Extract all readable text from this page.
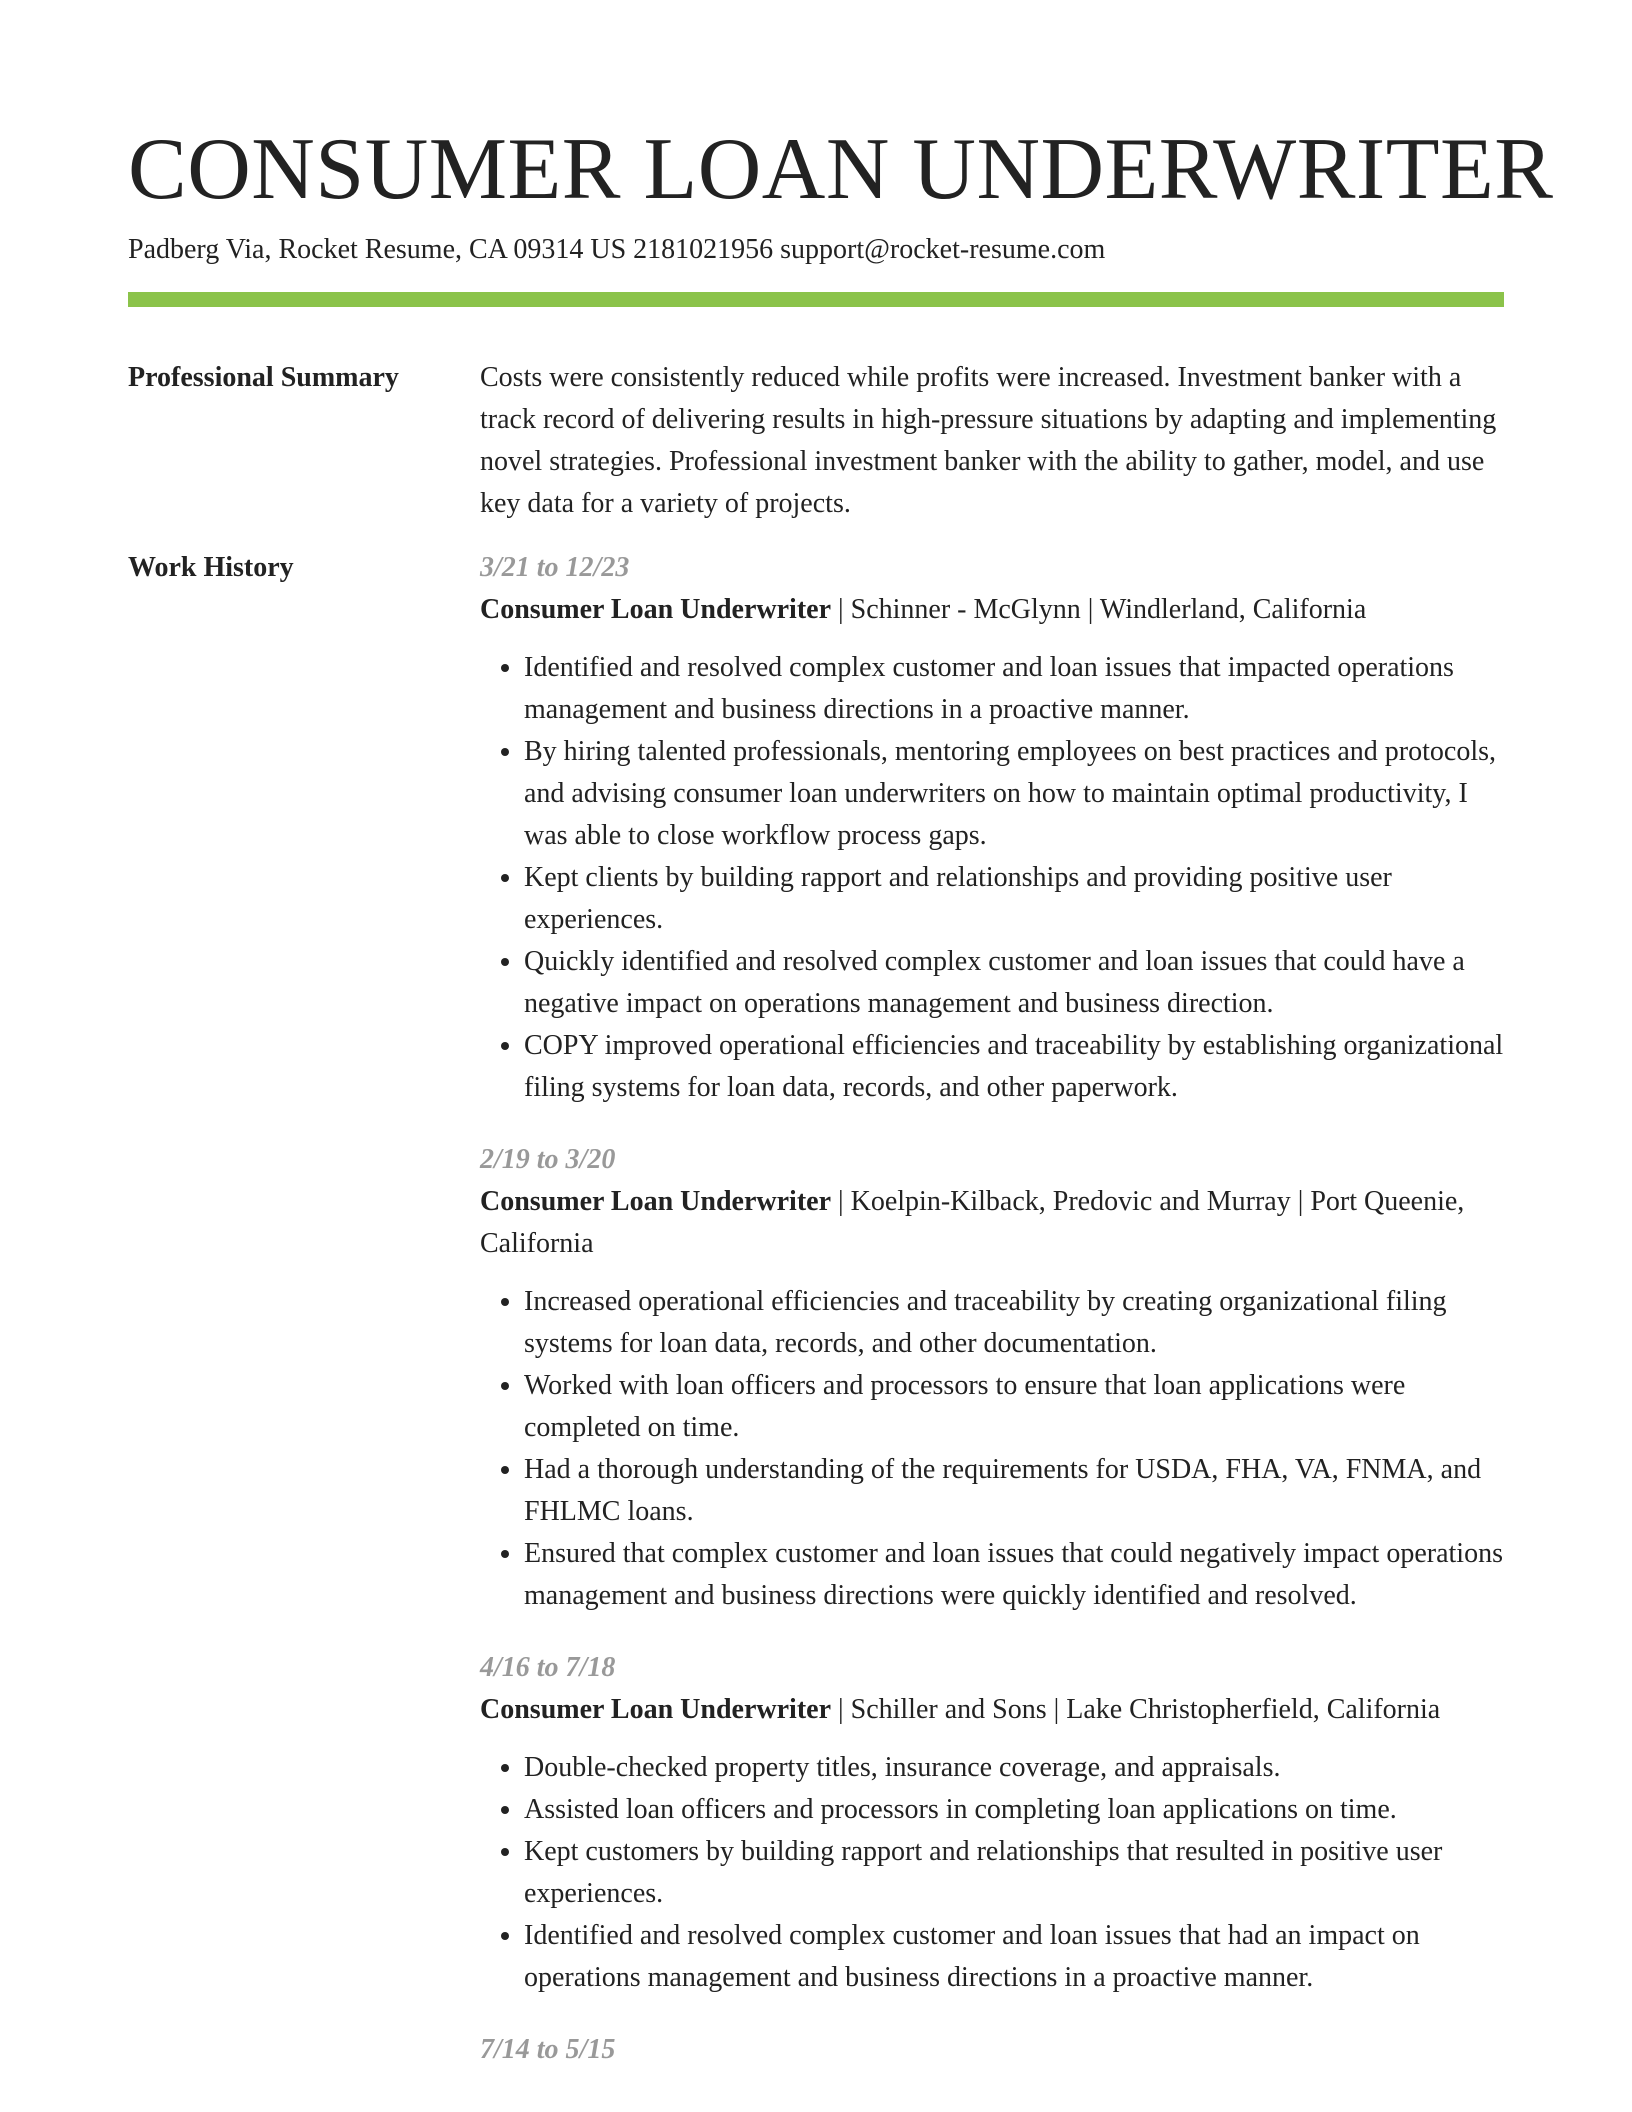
CONSUMER LOAN UNDERWRITER
Padberg Via, Rocket Resume, CA 09314 US 2181021956 support@rocket-resume.com
Professional Summary	Costs were consistently reduced while profits were increased. Investment banker with a track record of delivering results in high-pressure situations by adapting and implementing novel strategies. Professional investment banker with the ability to gather, model, and use key data for a variety of projects.
Work History	3/21 to 12/23
Consumer Loan Underwriter | Schinner - McGlynn | Windlerland, California
• Identified and resolved complex customer and loan issues that impacted operations management and business directions in a proactive manner.
• By hiring talented professionals, mentoring employees on best practices and protocols, and advising consumer loan underwriters on how to maintain optimal productivity, I was able to close workflow process gaps.
• Kept clients by building rapport and relationships and providing positive user experiences.
• Quickly identified and resolved complex customer and loan issues that could have a negative impact on operations management and business direction.
• COPY improved operational efficiencies and traceability by establishing organizational filing systems for loan data, records, and other paperwork.
2/19 to 3/20
Consumer Loan Underwriter | Koelpin-Kilback, Predovic and Murray | Port Queenie, California
• Increased operational efficiencies and traceability by creating organizational filing systems for loan data, records, and other documentation.
• Worked with loan officers and processors to ensure that loan applications were completed on time.
• Had a thorough understanding of the requirements for USDA, FHA, VA, FNMA, and FHLMC loans.
• Ensured that complex customer and loan issues that could negatively impact operations management and business directions were quickly identified and resolved.
4/16 to 7/18
Consumer Loan Underwriter | Schiller and Sons | Lake Christopherfield, California
• Double-checked property titles, insurance coverage, and appraisals.
• Assisted loan officers and processors in completing loan applications on time.
• Kept customers by building rapport and relationships that resulted in positive user experiences.
• Identified and resolved complex customer and loan issues that had an impact on operations management and business directions in a proactive manner.
7/14 to 5/15
